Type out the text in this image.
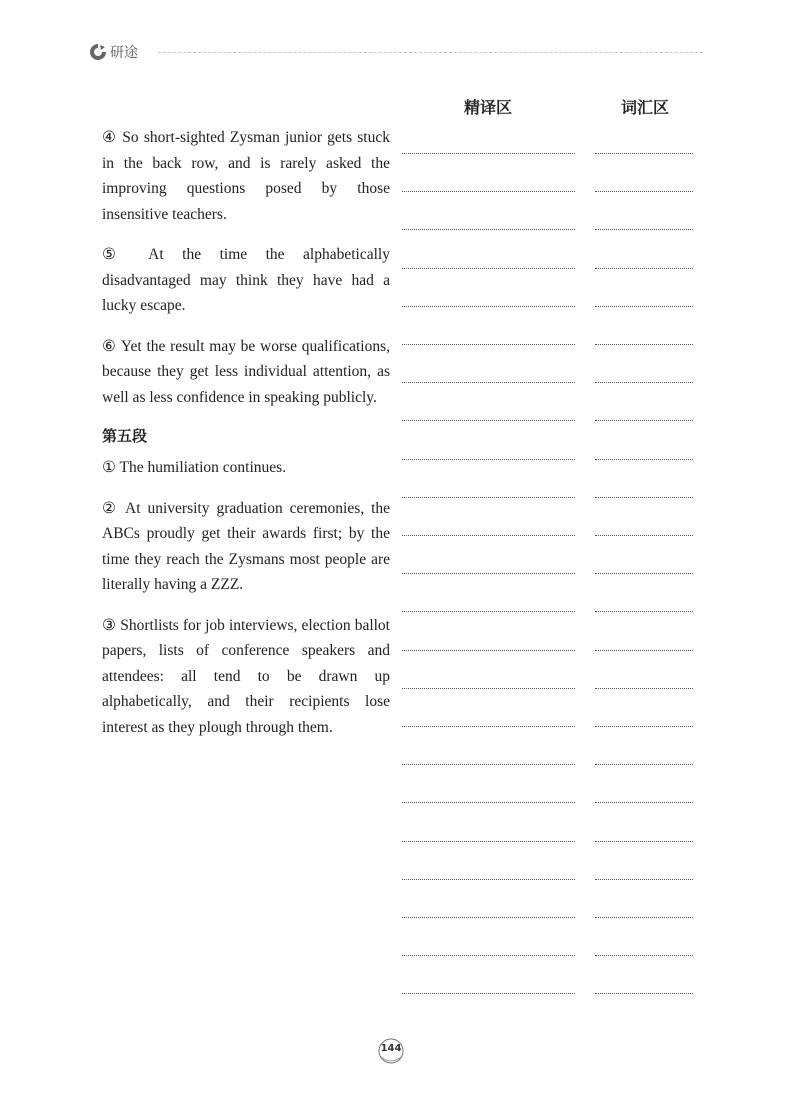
研途
精译区	词汇区

④ So short-sighted Zysman junior gets stuck in the back row, and is rarely asked the improving questions posed by those insensitive teachers.

⑤ At the time the alphabetically disadvantaged may think they have had a lucky escape.

⑥ Yet the result may be worse qualifications, because they get less individual attention, as well as less confidence in speaking publicly.

第五段

① The humiliation continues.

② At university graduation ceremonies, the ABCs proudly get their awards first; by the time they reach the Zysmans most people are literally having a ZZZ.

③ Shortlists for job interviews, election ballot papers, lists of conference speakers and attendees: all tend to be drawn up alphabetically, and their recipients lose interest as they plough through them.

144
